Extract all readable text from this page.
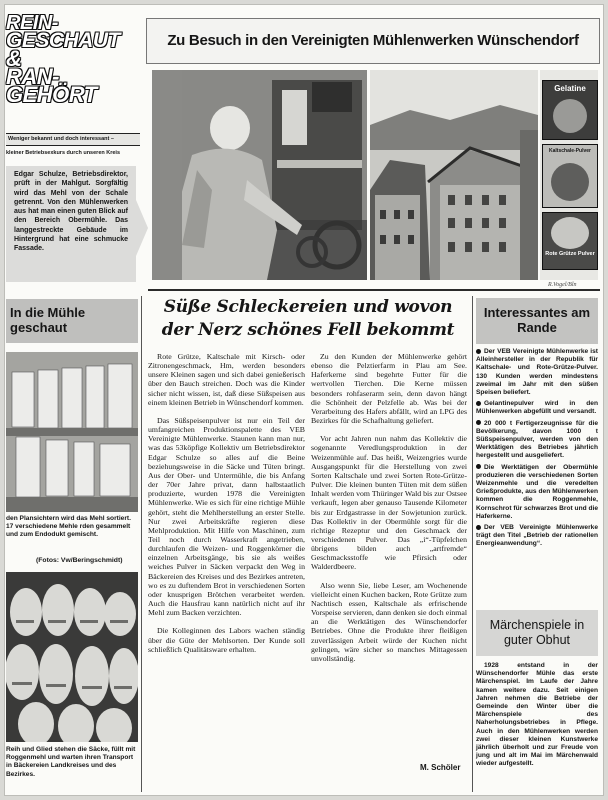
REIN-
GESCHAUT
&
RAN-
GEHÖRT
Weniger bekannt und doch interessant –
kleiner Betriebsexkurs durch unseren Kreis

Edgar Schulze, Betriebsdirektor, prüft in der Mahlgut. Sorgfältig wird das Mehl von der Schale getrennt. Von den Mühlenwerken aus hat man einen guten Blick auf den Bereich Obermühle. Das langgestreckte Gebäude im Hintergrund hat eine schmucke Fassade.

Zu Besuch in den Vereinigten Mühlenwerken Wünschendorf
Gelatine
Kaltschale-Pulver
Rote Grütze Pulver
R.Vogel/Bln
In die Mühle geschaut

den Plansichtern wird das Mehl sortiert. 17 verschiedene Mehle rden gesammelt und zum Endodukt gemischt.

(Fotos: Vw/Beringschmidt)

Reih und Glied stehen die Säcke, füllt mit Roggenmehl und warten ihren Transport in Bäckereien Landkreises und des Bezirkes.

Süße Schleckereien und wovon
der Nerz schönes Fell bekommt

Rote Grütze, Kaltschale mit Kirsch- oder Zitronengeschmack, Hm, werden besonders unsere Kleinen sagen und sich dabei genießerisch über den Bauch streichen. Doch was die Kinder sicher nicht wissen, ist, daß diese Süßspeisen aus einem kleinen Betrieb in Wünschendorf kommen.

Das Süßspeisenpulver ist nur ein Teil der umfangreichen Produktionspalette des VEB Vereinigte Mühlenwerke. Staunen kann man nur, was das 53köpfige Kollektiv um Betriebsdirektor Edgar Schulze so alles auf die Beine beziehungsweise in die Säcke und Tüten bringt. Aus der Ober- und Untermühle, die bis Anfang der 70er Jahre privat, dann halbstaatlich produzierte, wurden 1978 die Vereinigten Mühlenwerke. Wie es sich für eine richtige Mühle gehört, steht die Mehlherstellung an erster Stelle. Nur zwei Arbeitskräfte regieren diese Mehlproduktion. Mit Hilfe von Maschinen, zum Teil noch durch Wasserkraft angetrieben, durchlaufen die Weizen- und Roggenkörner die einzelnen Arbeitsgänge, bis sie als weißes weiches Pulver in Säcken verpackt den Weg in Bäckereien des Kreises und des Bezirkes antreten, wo es zu duftendem Brot in verschiedenen Sorten oder knusprigen Brötchen verarbeitet werden. Auch die Hausfrau kann natürlich nicht auf ihr Mehl zum Backen verzichten.

Die Kolleginnen des Labors wachen ständig über die Güte der Mehlsorten. Der Kunde soll schließlich Qualitätsware erhalten.

Zu den Kunden der Mühlenwerke gehört ebenso die Pelztierfarm in Plau am See. Haferkerne sind begehrte Futter für die wertvollen Tierchen. Die Kerne müssen besonders rohfaserarm sein, denn davon hängt die Schönheit der Pelzfelle ab. Was bei der Verarbeitung des Hafers abfällt, wird an LPG des Bezirkes für die Schafhaltung geliefert.

Vor acht Jahren nun nahm das Kollektiv die sogenannte Veredlungsproduktion in der Weizenmühle auf. Das heißt, Weizengries wurde Ausgangspunkt für die Herstellung von zwei Sorten Kaltschale und zwei Sorten Rote-Grütze-Pulver. Die kleinen bunten Tüten mit dem süßen Inhalt werden vom Thüringer Wald bis zur Ostsee verkauft, legen aber genauso Tausende Kilometer bis zur Erdgastrasse in der Sowjetunion zurück. Das Kollektiv in der Obermühle sorgt für die richtige Rezeptur und den Geschmack der verschiedenen Pulver. Das „i“-Tüpfelchen übrigens bilden auch „artfremde“ Geschmacksstoffe wie Pfirsich oder Walderdbeere.

Also wenn Sie, liebe Leser, am Wochenende vielleicht einen Kuchen backen, Rote Grütze zum Nachtisch essen, Kaltschale als erfrischende Vorspeise servieren, dann denken sie doch einmal an die Werktätigen des Wünschendorfer Betriebes. Ohne die Produkte ihrer fleißigen zuverlässigen Arbeit würde der Kuchen nicht gelingen, wäre sicher so manches Mittagessen unvollständig.

M. Schöler
Interessantes am Rande

Der VEB Vereinigte Mühlenwerke ist Alleinhersteller in der Republik für Kaltschale- und Rote-Grütze-Pulver. 130 Kunden werden mindestens zweimal im Jahr mit den süßen Speisen beliefert.

Gelantinepulver wird in den Mühlenwerken abgefüllt und versandt.

20 000 t Fertigerzeugnisse für die Bevölkerung, davon 1000 t Süßspeisenpulver, werden von den Werktätigen des Betriebes jährlich hergestellt und ausgeliefert.

Die Werktätigen der Obermühle produzieren die verschiedenen Sorten Weizenmehle und die veredelten Grießprodukte, aus den Mühlenwerken kommen die Roggenmehle, Kornschrot für schwarzes Brot und die Haferkerne.

Der VEB Vereinigte Mühlenwerke trägt den Titel „Betrieb der rationellen Energieanwendung“.

Märchenspiele in guter Obhut

1928 entstand in der Wünschendorfer Mühle das erste Märchenspiel. Im Laufe der Jahre kamen weitere dazu. Seit einigen Jahren nehmen die Betriebe der Gemeinde den Winter über die Märchenspiele des Naherholungsbetriebes in Pflege. Auch in den Mühlenwerken werden zwei dieser kleinen Kunstwerke jährlich überholt und zur Freude von jung und alt im Mai im Märchenwald wieder aufgestellt.
